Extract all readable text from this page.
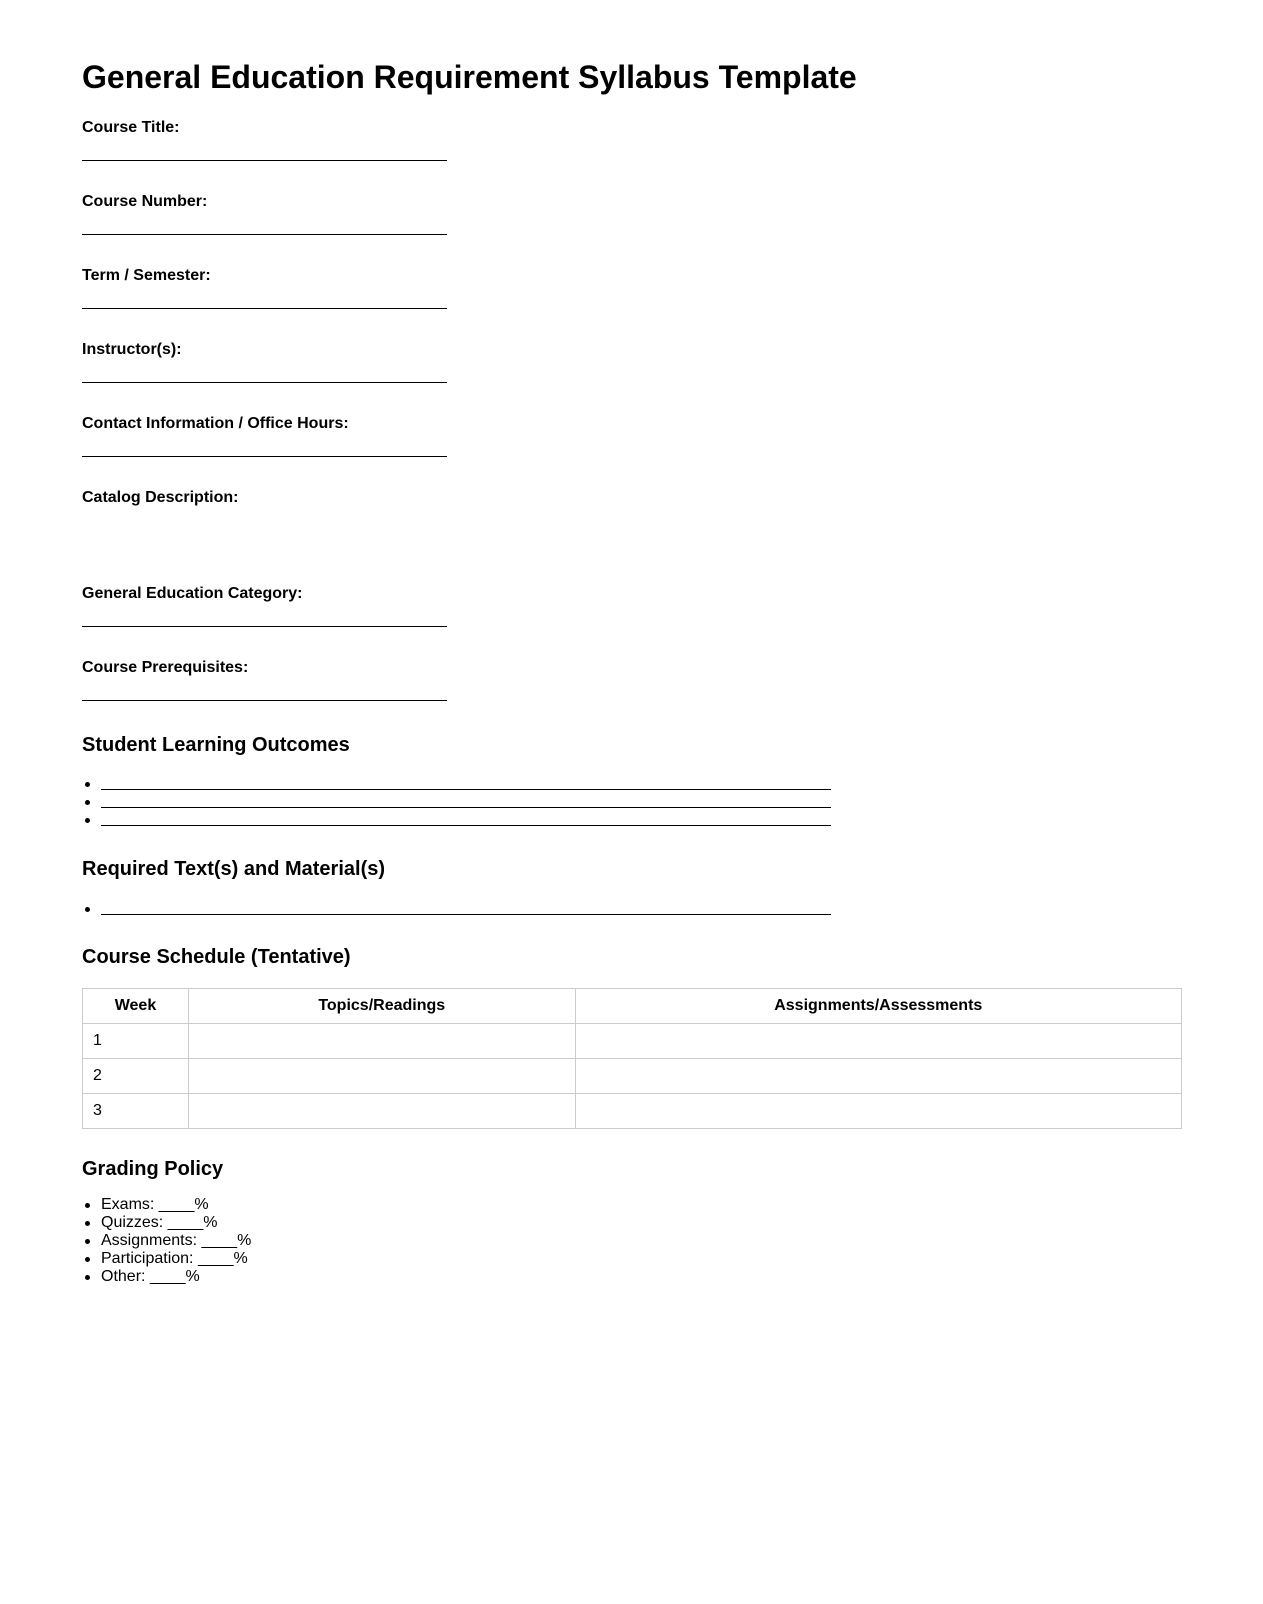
General Education Requirement Syllabus Template
Course Title:
Course Number:
Term / Semester:
Instructor(s):
Contact Information / Office Hours:
Catalog Description:
General Education Category:
Course Prerequisites:
Student Learning Outcomes
Required Text(s) and Material(s)
Course Schedule (Tentative)
Week	Topics/Readings	Assignments/Assessments
1		
2		
3		
Grading Policy
Exams: ____%
Quizzes: ____%
Assignments: ____%
Participation: ____%
Other: ____%
